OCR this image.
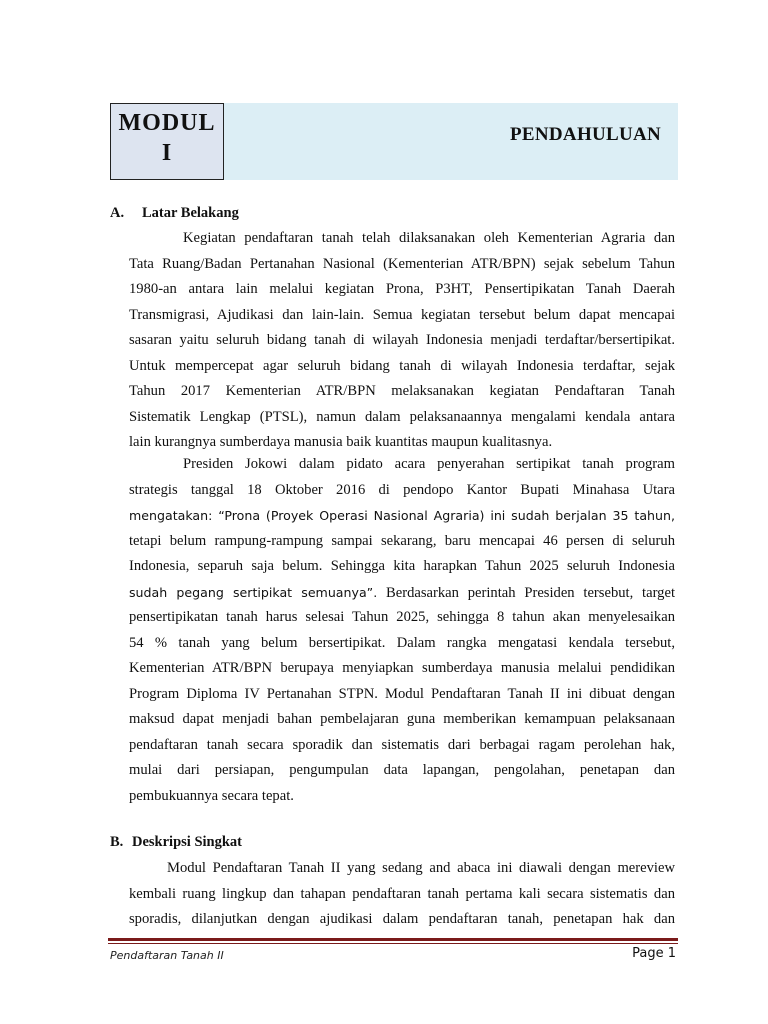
MODUL
I
PENDAHULUAN
A. Latar Belakang
Kegiatan pendaftaran tanah telah dilaksanakan oleh Kementerian Agraria dan
Tata Ruang/Badan Pertanahan Nasional (Kementerian ATR/BPN) sejak sebelum Tahun
1980-an antara lain melalui kegiatan Prona, P3HT, Pensertipikatan Tanah Daerah
Transmigrasi, Ajudikasi dan lain-lain. Semua kegiatan tersebut belum dapat mencapai
sasaran yaitu seluruh bidang tanah di wilayah Indonesia menjadi terdaftar/bersertipikat.
Untuk mempercepat agar seluruh bidang tanah di wilayah Indonesia terdaftar, sejak
Tahun 2017 Kementerian ATR/BPN melaksanakan kegiatan Pendaftaran Tanah
Sistematik Lengkap (PTSL), namun dalam pelaksanaannya mengalami kendala antara
lain kurangnya sumberdaya manusia baik kuantitas maupun kualitasnya.
Presiden Jokowi dalam pidato acara penyerahan sertipikat tanah program
strategis tanggal 18 Oktober 2016 di pendopo Kantor Bupati Minahasa Utara
mengatakan: “Prona (Proyek Operasi Nasional Agraria) ini sudah berjalan 35 tahun,
tetapi belum rampung-rampung sampai sekarang, baru mencapai 46 persen di seluruh
Indonesia, separuh saja belum. Sehingga kita harapkan Tahun 2025 seluruh Indonesia
sudah pegang sertipikat semuanya”. Berdasarkan perintah Presiden tersebut, target
pensertipikatan tanah harus selesai Tahun 2025, sehingga 8 tahun akan menyelesaikan
54 % tanah yang belum bersertipikat. Dalam rangka mengatasi kendala tersebut,
Kementerian ATR/BPN berupaya menyiapkan sumberdaya manusia melalui pendidikan
Program Diploma IV Pertanahan STPN. Modul Pendaftaran Tanah II ini dibuat dengan
maksud dapat menjadi bahan pembelajaran guna memberikan kemampuan pelaksanaan
pendaftaran tanah secara sporadik dan sistematis dari berbagai ragam perolehan hak,
mulai dari persiapan, pengumpulan data lapangan, pengolahan, penetapan dan
pembukuannya secara tepat.
B. Deskripsi Singkat
Modul Pendaftaran Tanah II yang sedang and abaca ini diawali dengan mereview
kembali ruang lingkup dan tahapan pendaftaran tanah pertama kali secara sistematis dan
sporadis, dilanjutkan dengan ajudikasi dalam pendaftaran tanah, penetapan hak dan
Pendaftaran Tanah II	Page 1
